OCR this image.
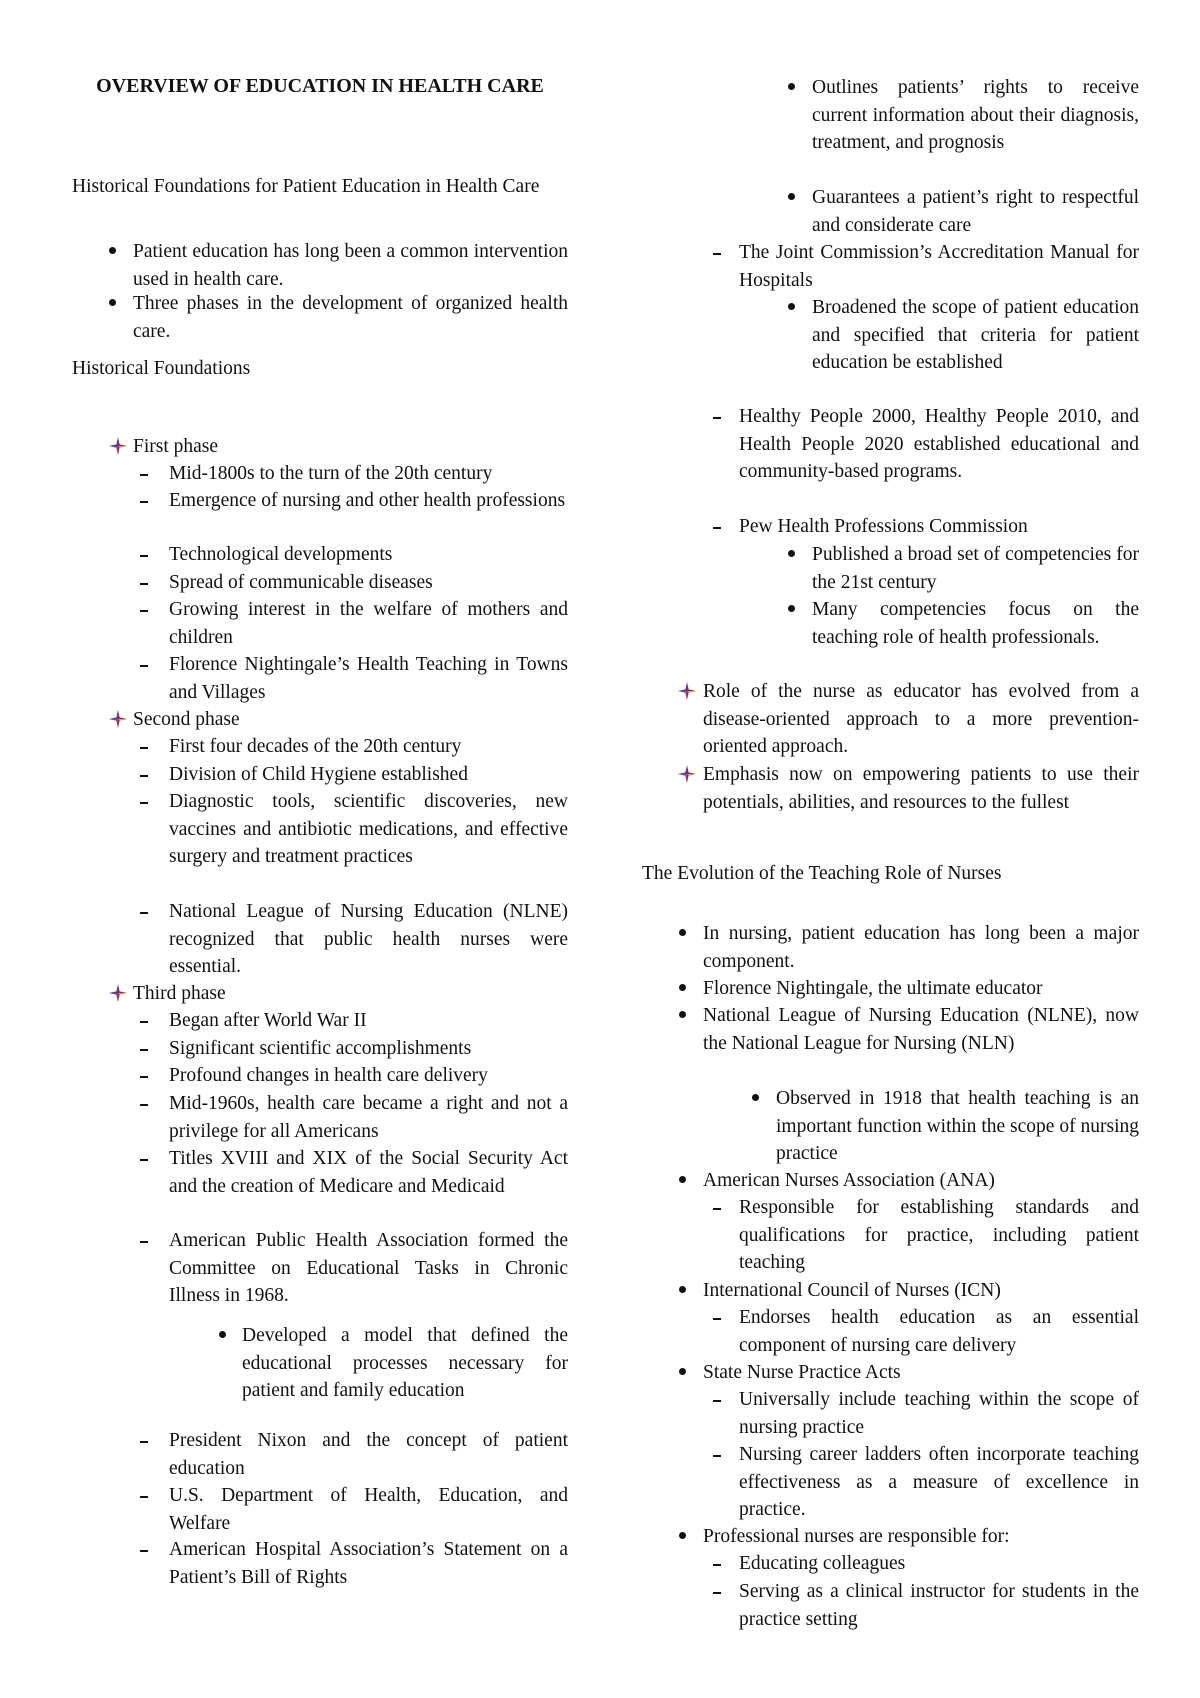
OVERVIEW OF EDUCATION IN HEALTH CARE
Historical Foundations for Patient Education in Health Care
Patient education has long been a common intervention used in health care.
Three phases in the development of organized health care.
Historical Foundations
First phase
Mid-1800s to the turn of the 20th century
Emergence of nursing and other health professions
Technological developments
Spread of communicable diseases
Growing interest in the welfare of mothers and children
Florence Nightingale’s Health Teaching in Towns and Villages
Second phase
First four decades of the 20th century
Division of Child Hygiene established
Diagnostic tools, scientific discoveries, new vaccines and antibiotic medications, and effective surgery and treatment practices
National League of Nursing Education (NLNE) recognized that public health nurses were essential.
Third phase
Began after World War II
Significant scientific accomplishments
Profound changes in health care delivery
Mid-1960s, health care became a right and not a privilege for all Americans
Titles XVIII and XIX of the Social Security Act and the creation of Medicare and Medicaid
American Public Health Association formed the Committee on Educational Tasks in Chronic Illness in 1968.
Developed a model that defined the educational processes necessary for patient and family education
President Nixon and the concept of patient education
U.S. Department of Health, Education, and Welfare
American Hospital Association’s Statement on a Patient’s Bill of Rights
Outlines patients’ rights to receive current information about their diagnosis, treatment, and prognosis
Guarantees a patient’s right to respectful and considerate care
The Joint Commission’s Accreditation Manual for Hospitals
Broadened the scope of patient education and specified that criteria for patient education be established
Healthy People 2000, Healthy People 2010, and Health People 2020 established educational and community-based programs.
Pew Health Professions Commission
Published a broad set of competencies for the 21st century
Many competencies focus on the teaching role of health professionals.
Role of the nurse as educator has evolved from a disease-oriented approach to a more prevention-oriented approach.
Emphasis now on empowering patients to use their potentials, abilities, and resources to the fullest
The Evolution of the Teaching Role of Nurses
In nursing, patient education has long been a major component.
Florence Nightingale, the ultimate educator
National League of Nursing Education (NLNE), now the National League for Nursing (NLN)
Observed in 1918 that health teaching is an important function within the scope of nursing practice
American Nurses Association (ANA)
Responsible for establishing standards and qualifications for practice, including patient teaching
International Council of Nurses (ICN)
Endorses health education as an essential component of nursing care delivery
State Nurse Practice Acts
Universally include teaching within the scope of nursing practice
Nursing career ladders often incorporate teaching effectiveness as a measure of excellence in practice.
Professional nurses are responsible for:
Educating colleagues
Serving as a clinical instructor for students in the practice setting
